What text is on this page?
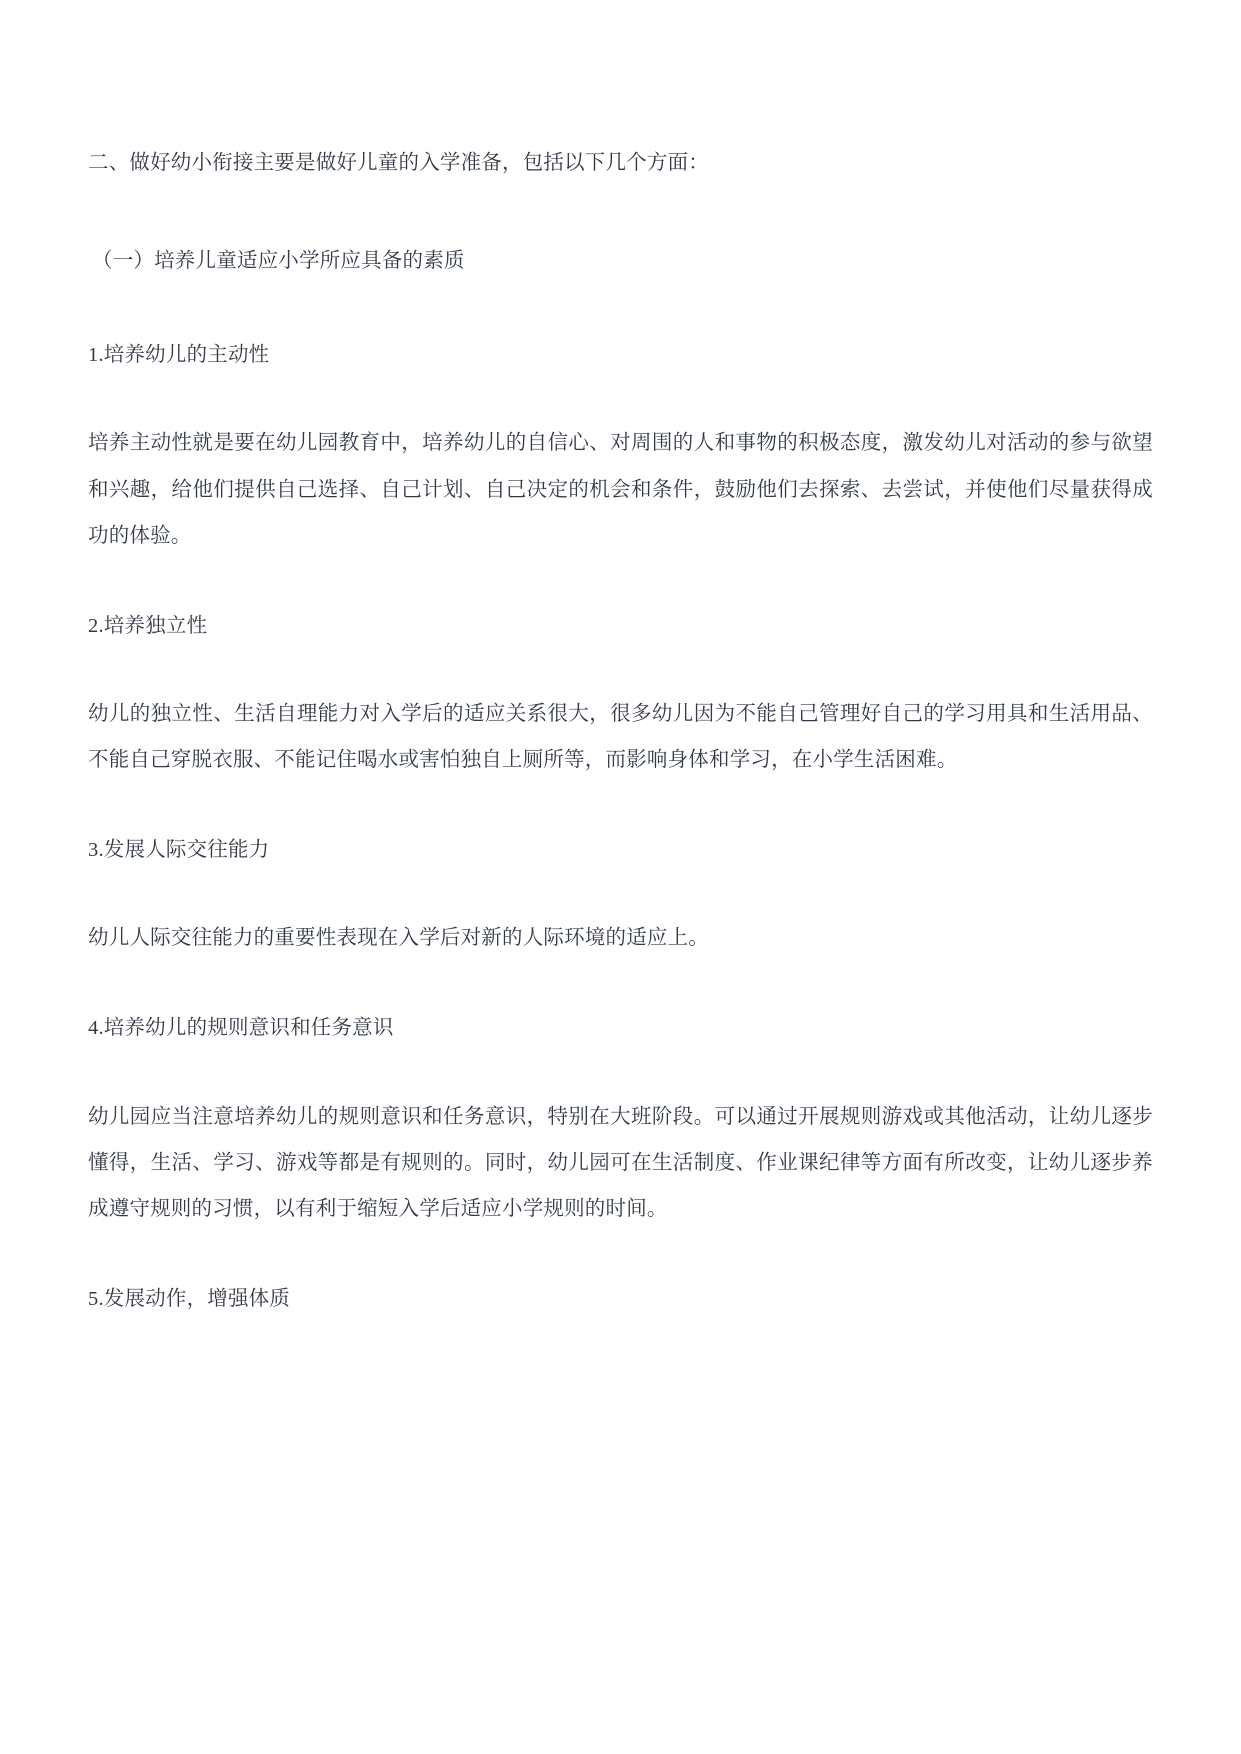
二、做好幼小衔接主要是做好儿童的入学准备，包括以下几个方面：

（一）培养儿童适应小学所应具备的素质

1.培养幼儿的主动性

培养主动性就是要在幼儿园教育中，培养幼儿的自信心、对周围的人和事物的积极态度，激发幼儿对活动的参与欲望和兴趣，给他们提供自己选择、自己计划、自己决定的机会和条件，鼓励他们去探索、去尝试，并使他们尽量获得成功的体验。

2.培养独立性

幼儿的独立性、生活自理能力对入学后的适应关系很大，很多幼儿因为不能自己管理好自己的学习用具和生活用品、不能自己穿脱衣服、不能记住喝水或害怕独自上厕所等，而影响身体和学习，在小学生活困难。

3.发展人际交往能力

幼儿人际交往能力的重要性表现在入学后对新的人际环境的适应上。

4.培养幼儿的规则意识和任务意识

幼儿园应当注意培养幼儿的规则意识和任务意识，特别在大班阶段。可以通过开展规则游戏或其他活动，让幼儿逐步懂得，生活、学习、游戏等都是有规则的。同时，幼儿园可在生活制度、作业课纪律等方面有所改变，让幼儿逐步养成遵守规则的习惯，以有利于缩短入学后适应小学规则的时间。

5.发展动作，增强体质
